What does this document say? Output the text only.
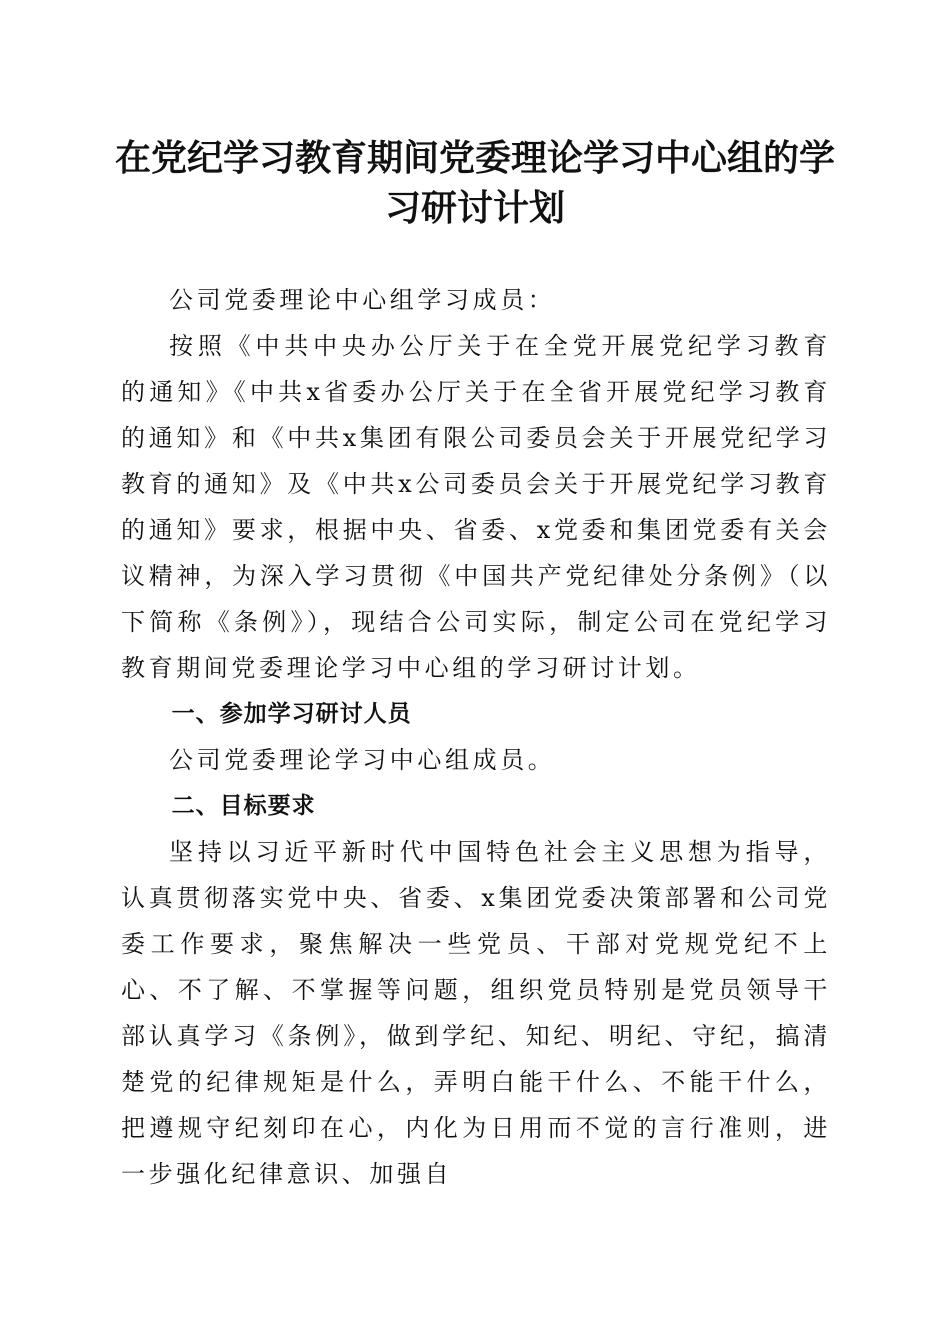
在党纪学习教育期间党委理论学习中心组的学习研讨计划

公司党委理论中心组学习成员：

按照《中共中央办公厅关于在全党开展党纪学习教育的通知》《中共x省委办公厅关于在全省开展党纪学习教育的通知》和《中共x集团有限公司委员会关于开展党纪学习教育的通知》及《中共x公司委员会关于开展党纪学习教育的通知》要求，根据中央、省委、x党委和集团党委有关会议精神，为深入学习贯彻《中国共产党纪律处分条例》（以下简称《条例》），现结合公司实际，制定公司在党纪学习教育期间党委理论学习中心组的学习研讨计划。

一、参加学习研讨人员

公司党委理论学习中心组成员。

二、目标要求

坚持以习近平新时代中国特色社会主义思想为指导，认真贯彻落实党中央、省委、x集团党委决策部署和公司党委工作要求，聚焦解决一些党员、干部对党规党纪不上心、不了解、不掌握等问题，组织党员特别是党员领导干部认真学习《条例》，做到学纪、知纪、明纪、守纪，搞清楚党的纪律规矩是什么，弄明白能干什么、不能干什么，把遵规守纪刻印在心，内化为日用而不觉的言行准则，进一步强化纪律意识、加强自
